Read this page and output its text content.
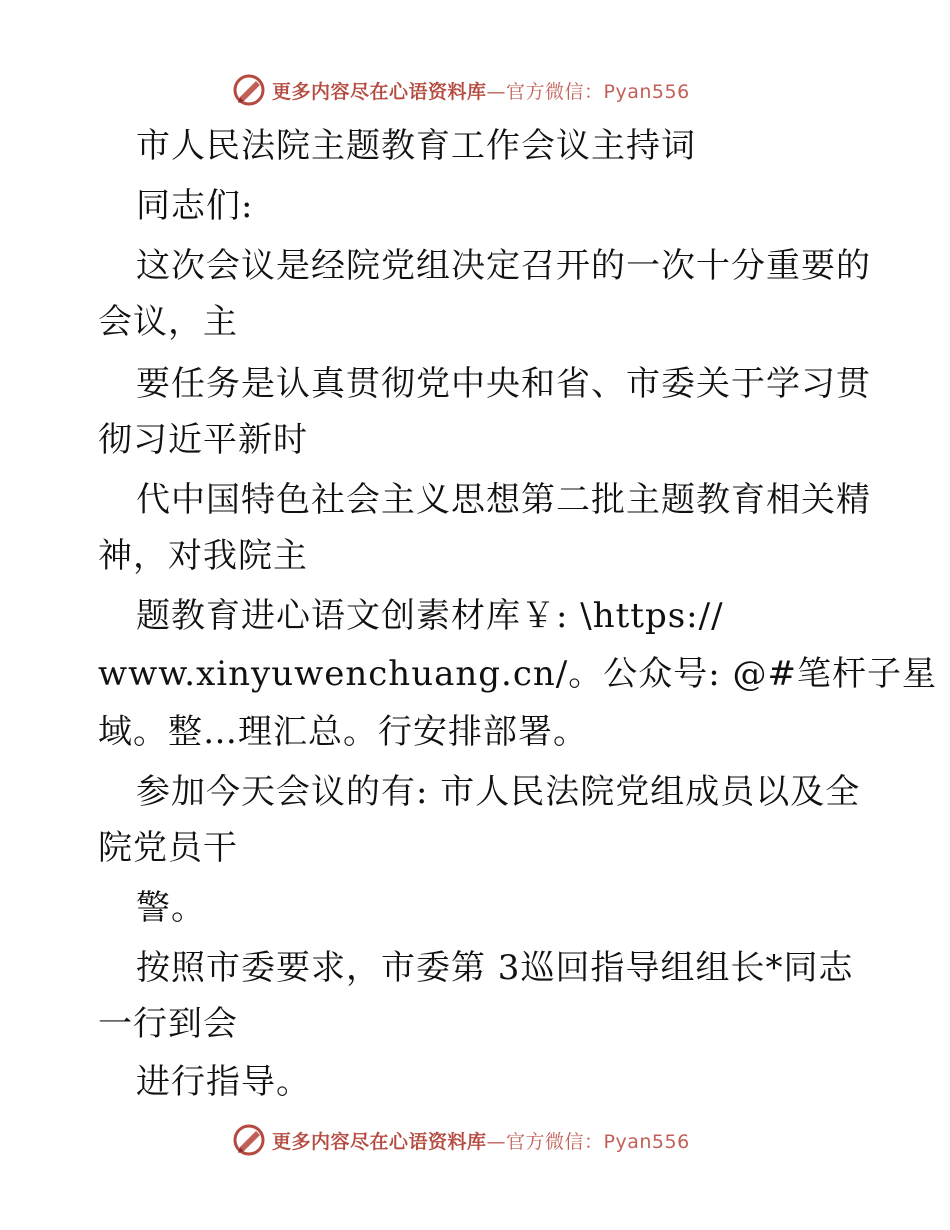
更多内容尽在心语资料库—官方微信：Pyan556
市人民法院主题教育工作会议主持词
同志们:
这次会议是经院党组决定召开的一次十分重要的
会议，主
要任务是认真贯彻党中央和省、市委关于学习贯
彻习近平新时
代中国特色社会主义思想第二批主题教育相关精
神，对我院主
题教育进心语文创素材库￥: \https://
www.xinyuwenchuang.cn/。公众号: @#笔杆子星
域。整…理汇总。行安排部署。
参加今天会议的有: 市人民法院党组成员以及全
院党员干
警。
按照市委要求，市委第 3巡回指导组组长*同志
一行到会
进行指导。
更多内容尽在心语资料库—官方微信：Pyan556
